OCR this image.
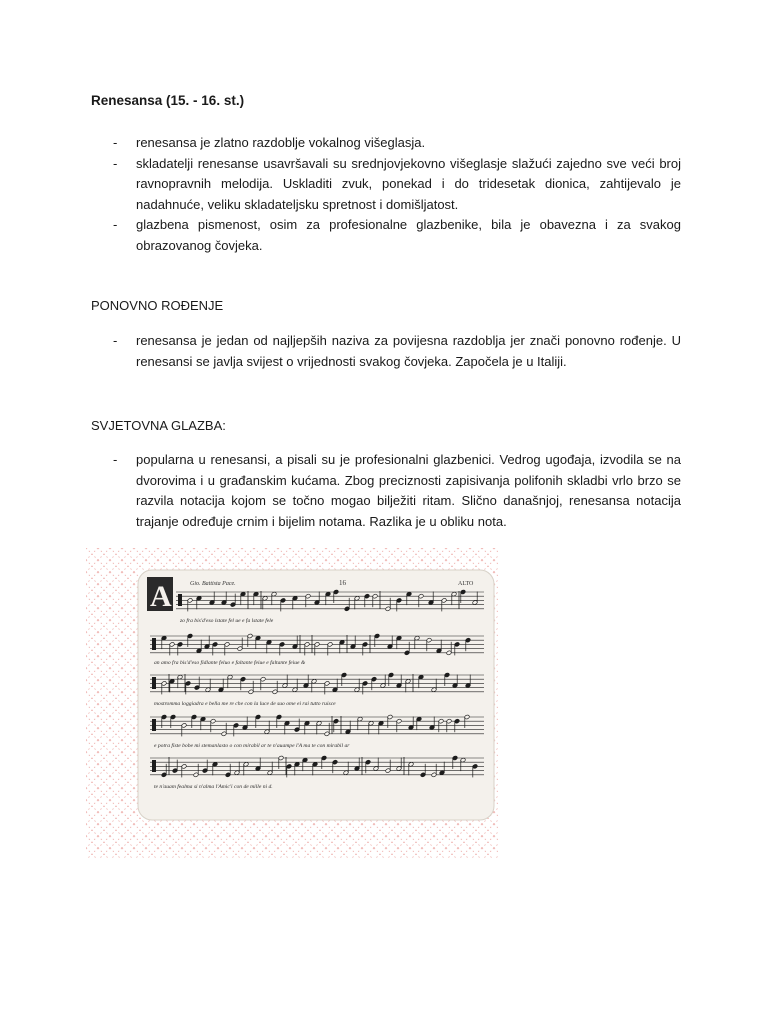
Renesansa (15. - 16. st.)
- renesansa je zlatno razdoblje vokalnog višeglasja.
- skladatelji renesanse usavršavali su srednjovjekovno višeglasje slažući zajedno sve veći broj ravnopravnih melodija. Uskladiti zvuk, ponekad i do tridesetak dionica, zahtijevalo je nadahnuće, veliku skladateljsku spretnost i domišljatost.
- glazbena pismenost, osim za profesionalne glazbenike, bila je obavezna i za svakog obrazovanog čovjeka.
PONOVNO ROĐENJE
- renesansa je jedan od najljepših naziva za povijesna razdoblja jer znači ponovno rođenje. U renesansi se javlja svijest o vrijednosti svakog čovjeka. Započela je u Italiji.
SVJETOVNA GLAZBA:
- popularna u renesansi, a pisali su je profesionalni glazbenici. Vedrog ugođaja, izvodila se na dvorovima i u građanskim kućama. Zbog preciznosti zapisivanja polifonih skladbi vrlo brzo se razvila notacija kojom se točno mogao bilježiti ritam. Slično današnjoj, renesansa notacija trajanje određuje crnim i bijelim notama. Razlika je u obliku nota.
A
zo fra bis'd'eso lstate fel ue e fa lstate fele
an amo fra bis'd'eso fidlante feluo e faltante feiue e faltante feiue &
mostromma loggiadra e bella me re che con la luce de suo ome ei rai tutto ruisce
e potra fiste bobe mi stemanlasto o con mirabil ar te n'auampe l'A ma te con mirabil ar
te n'auam fealma si n'alma l'Amic'i con de mille ni d.
Gio. Battista Pace.	16	ALTO
